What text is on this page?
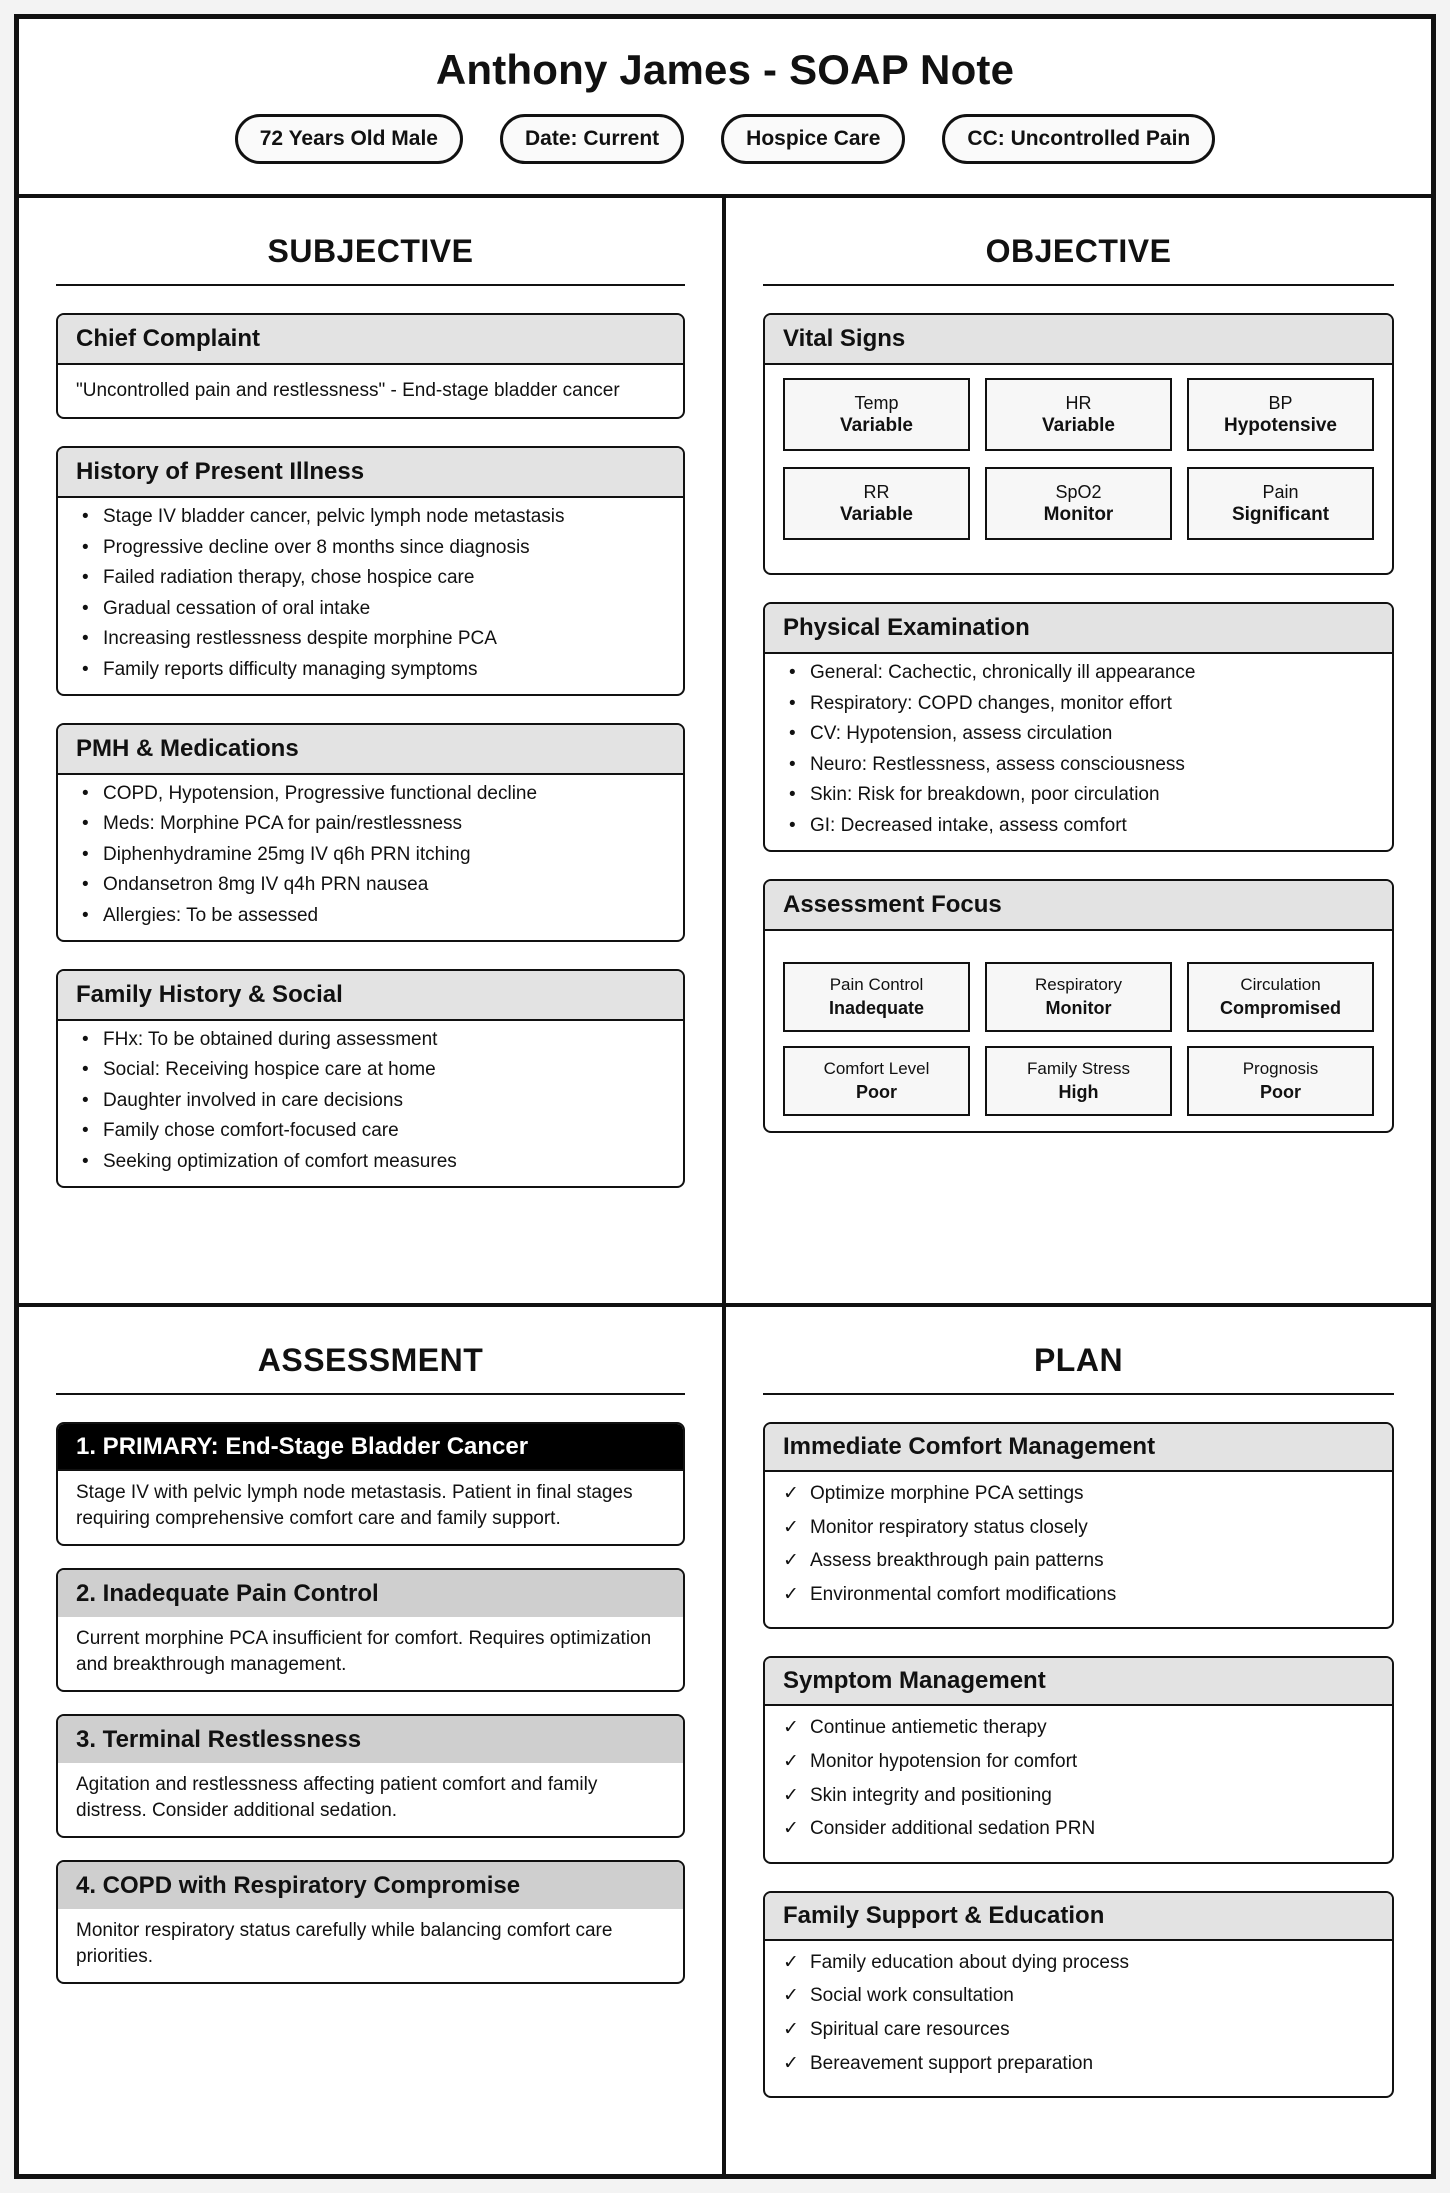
Anthony James - SOAP Note
72 Years Old Male	Date: Current	Hospice Care	CC: Uncontrolled Pain
SUBJECTIVE
Chief Complaint
"Uncontrolled pain and restlessness" - End-stage bladder cancer
History of Present Illness
• Stage IV bladder cancer, pelvic lymph node metastasis
• Progressive decline over 8 months since diagnosis
• Failed radiation therapy, chose hospice care
• Gradual cessation of oral intake
• Increasing restlessness despite morphine PCA
• Family reports difficulty managing symptoms
PMH & Medications
• COPD, Hypotension, Progressive functional decline
• Meds: Morphine PCA for pain/restlessness
• Diphenhydramine 25mg IV q6h PRN itching
• Ondansetron 8mg IV q4h PRN nausea
• Allergies: To be assessed
Family History & Social
• FHx: To be obtained during assessment
• Social: Receiving hospice care at home
• Daughter involved in care decisions
• Family chose comfort-focused care
• Seeking optimization of comfort measures
OBJECTIVE
Vital Signs
Temp
Variable
HR
Variable
BP
Hypotensive
RR
Variable
SpO2
Monitor
Pain
Significant
Physical Examination
• General: Cachectic, chronically ill appearance
• Respiratory: COPD changes, monitor effort
• CV: Hypotension, assess circulation
• Neuro: Restlessness, assess consciousness
• Skin: Risk for breakdown, poor circulation
• GI: Decreased intake, assess comfort
Assessment Focus
Pain Control
Inadequate
Respiratory
Monitor
Circulation
Compromised
Comfort Level
Poor
Family Stress
High
Prognosis
Poor
ASSESSMENT
1. PRIMARY: End-Stage Bladder Cancer
Stage IV with pelvic lymph node metastasis. Patient in final stages requiring comprehensive comfort care and family support.
2. Inadequate Pain Control
Current morphine PCA insufficient for comfort. Requires optimization and breakthrough management.
3. Terminal Restlessness
Agitation and restlessness affecting patient comfort and family distress. Consider additional sedation.
4. COPD with Respiratory Compromise
Monitor respiratory status carefully while balancing comfort care priorities.
PLAN
Immediate Comfort Management
✓ Optimize morphine PCA settings
✓ Monitor respiratory status closely
✓ Assess breakthrough pain patterns
✓ Environmental comfort modifications
Symptom Management
✓ Continue antiemetic therapy
✓ Monitor hypotension for comfort
✓ Skin integrity and positioning
✓ Consider additional sedation PRN
Family Support & Education
✓ Family education about dying process
✓ Social work consultation
✓ Spiritual care resources
✓ Bereavement support preparation
